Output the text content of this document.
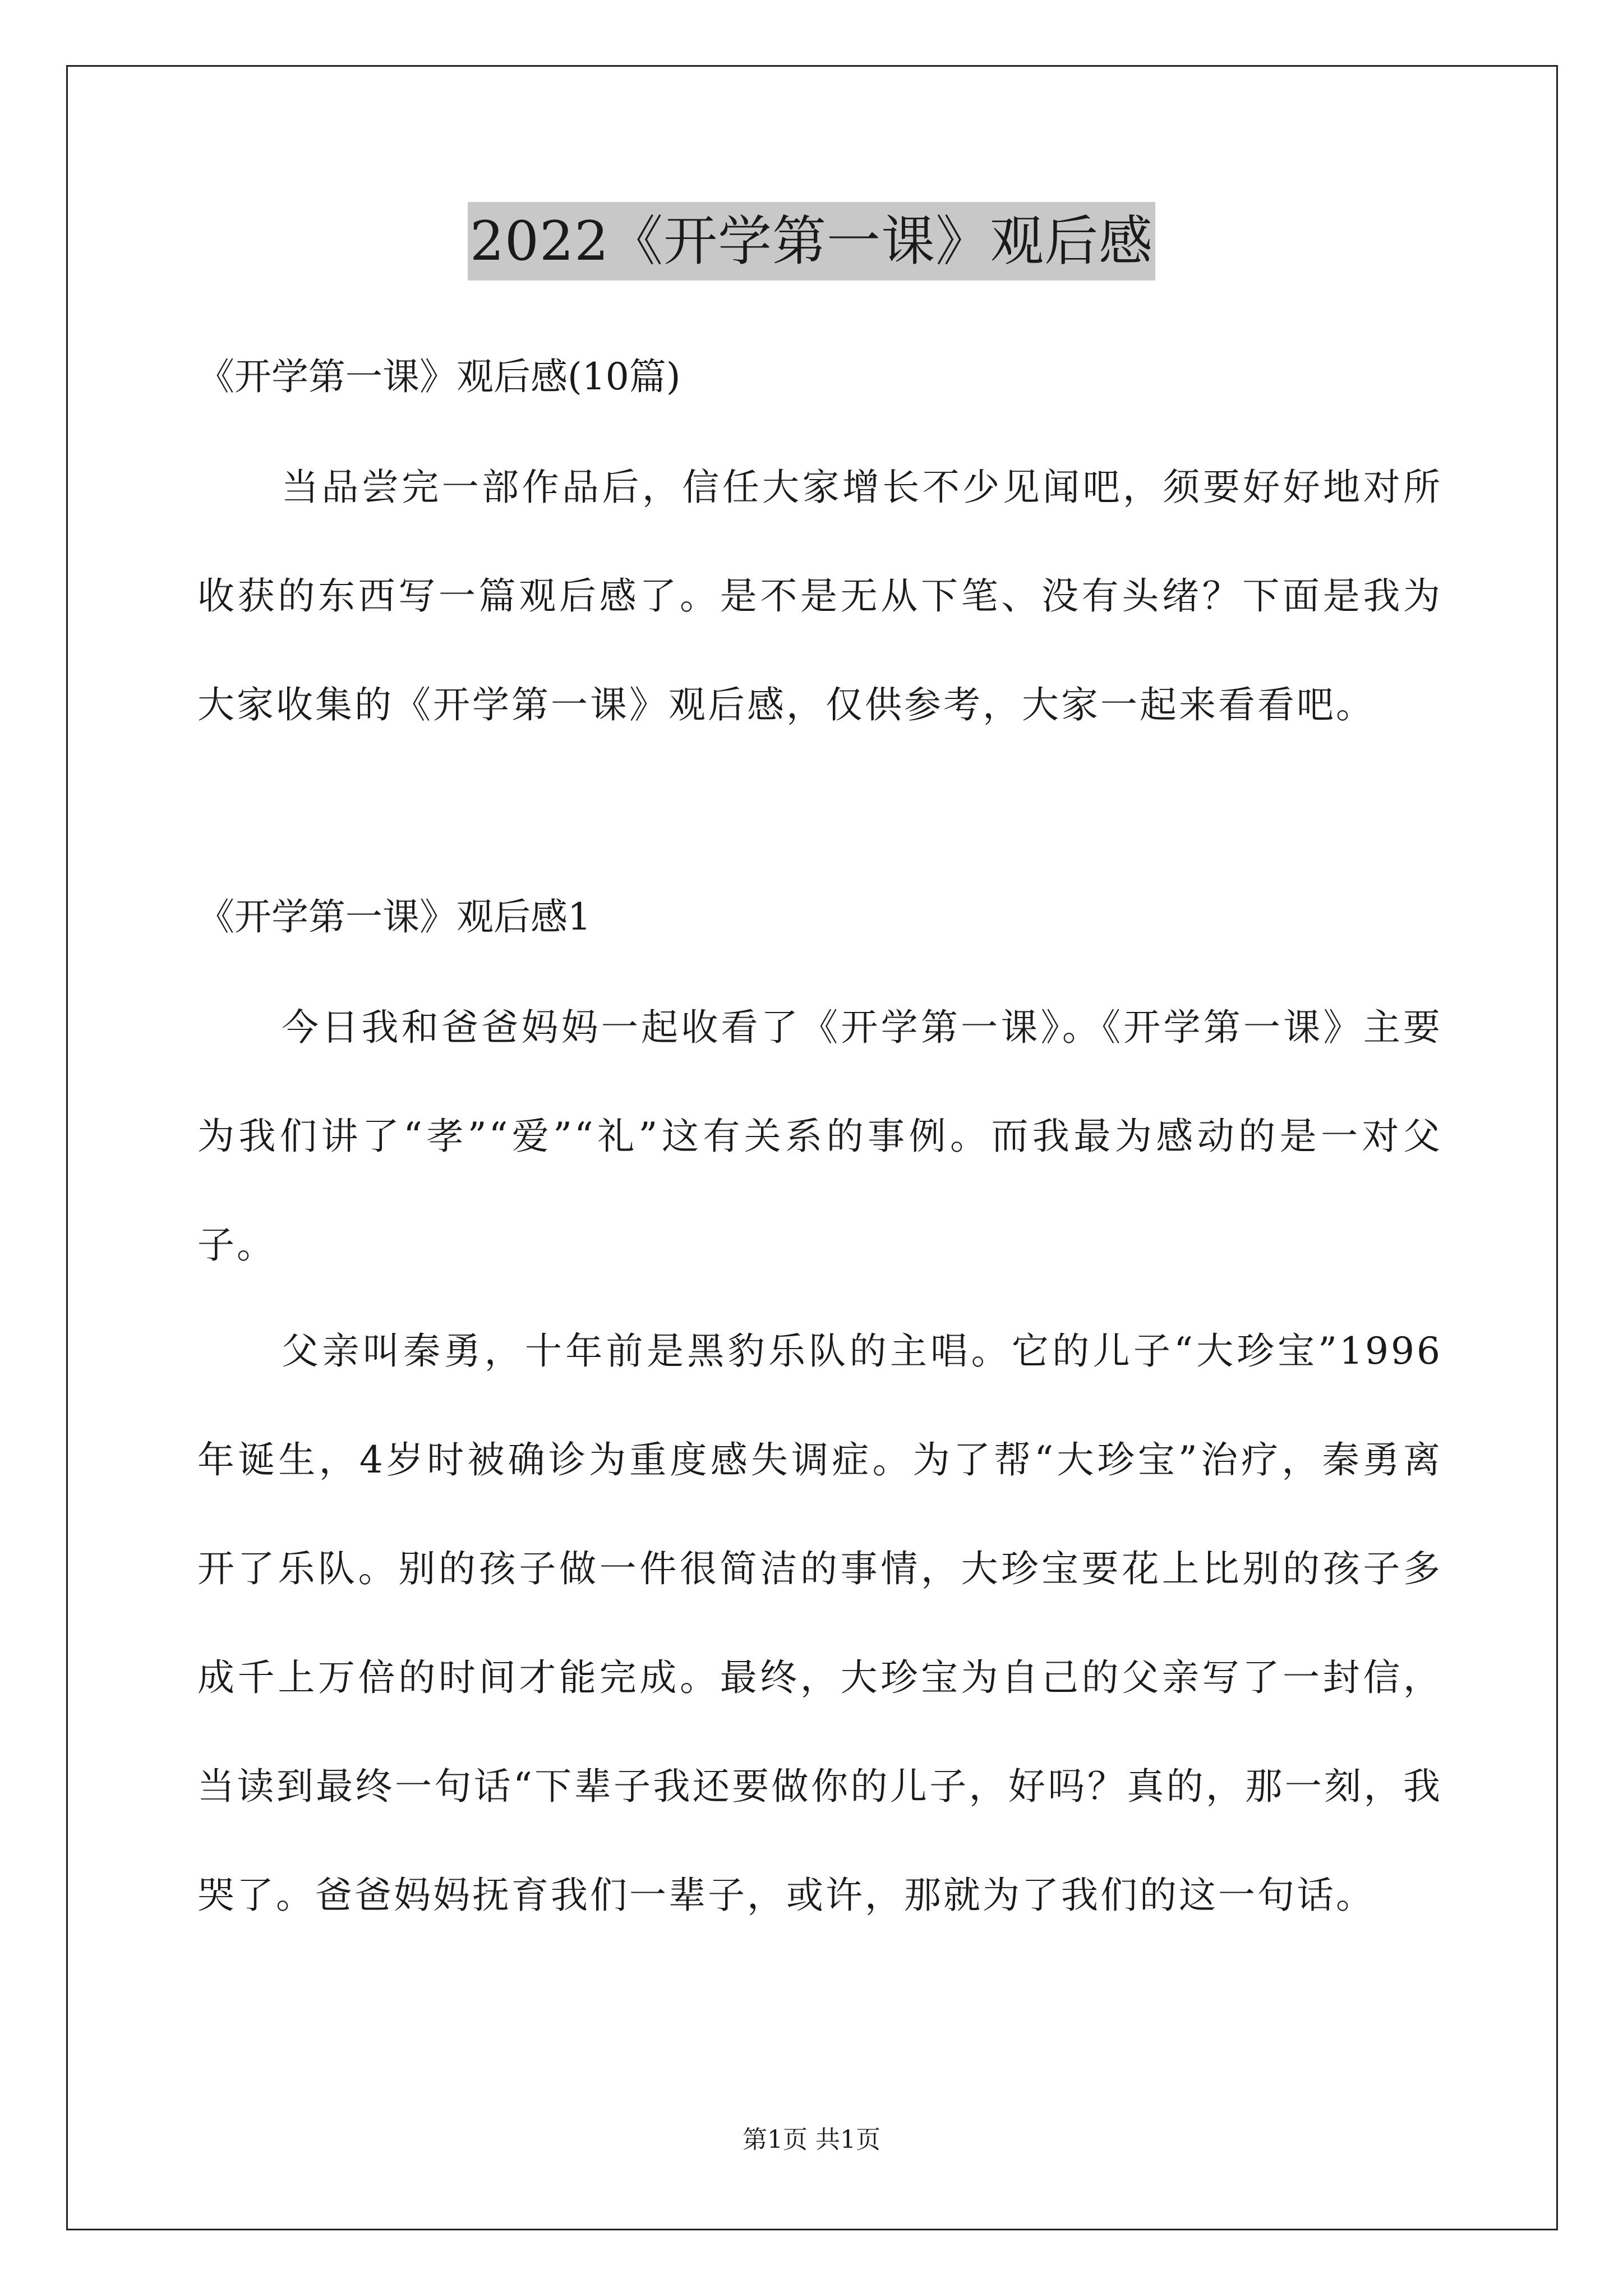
2022《开学第一课》观后感
《开学第一课》观后感(10篇)
当品尝完一部作品后，信任大家增长不少见闻吧，须要好好地对所收获的东西写一篇观后感了。是不是无从下笔、没有头绪？下面是我为大家收集的《开学第一课》观后感，仅供参考，大家一起来看看吧。
《开学第一课》观后感1
今日我和爸爸妈妈一起收看了《开学第一课》。《开学第一课》主要为我们讲了“孝”“爱”“礼”这有关系的事例。而我最为感动的是一对父子。
父亲叫秦勇，十年前是黑豹乐队的主唱。它的儿子“大珍宝”1996年诞生，4岁时被确诊为重度感失调症。为了帮“大珍宝”治疗，秦勇离开了乐队。别的孩子做一件很简洁的事情，大珍宝要花上比别的孩子多成千上万倍的时间才能完成。最终，大珍宝为自己的父亲写了一封信，当读到最终一句话“下辈子我还要做你的儿子，好吗？真的，那一刻，我哭了。爸爸妈妈抚育我们一辈子，或许，那就为了我们的这一句话。
第1页 共1页
